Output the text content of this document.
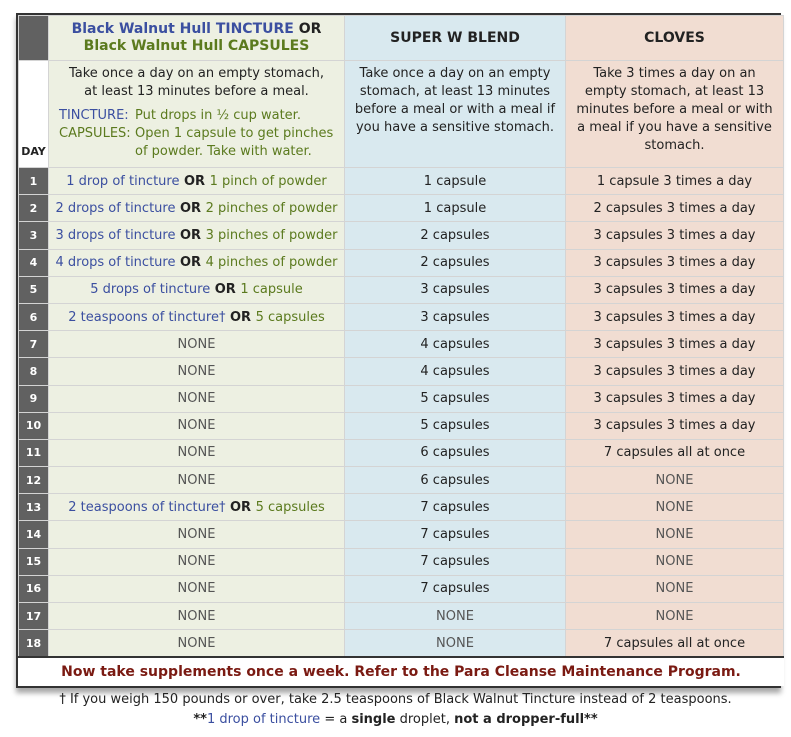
	Black Walnut Hull TINCTURE OR
Black Walnut Hull CAPSULES	SUPER W BLEND	CLOVES
DAY	Take once a day on an empty stomach, at least 13 minutes before a meal.
TINCTURE: Put drops in ½ cup water.
CAPSULES: Open 1 capsule to get pinches of powder. Take with water.	Take once a day on an empty stomach, at least 13 minutes before a meal or with a meal if you have a sensitive stomach.	Take 3 times a day on an empty stomach, at least 13 minutes before a meal or with a meal if you have a sensitive stomach.

1	1 drop of tincture OR 1 pinch of powder	1 capsule	1 capsule 3 times a day
2	2 drops of tincture OR 2 pinches of powder	1 capsule	2 capsules 3 times a day
3	3 drops of tincture OR 3 pinches of powder	2 capsules	3 capsules 3 times a day
4	4 drops of tincture OR 4 pinches of powder	2 capsules	3 capsules 3 times a day
5	5 drops of tincture OR 1 capsule	3 capsules	3 capsules 3 times a day
6	2 teaspoons of tincture† OR 5 capsules	3 capsules	3 capsules 3 times a day
7	NONE	4 capsules	3 capsules 3 times a day
8	NONE	4 capsules	3 capsules 3 times a day
9	NONE	5 capsules	3 capsules 3 times a day
10	NONE	5 capsules	3 capsules 3 times a day
11	NONE	6 capsules	7 capsules all at once
12	NONE	6 capsules	NONE
13	2 teaspoons of tincture† OR 5 capsules	7 capsules	NONE
14	NONE	7 capsules	NONE
15	NONE	7 capsules	NONE
16	NONE	7 capsules	NONE
17	NONE	NONE	NONE
18	NONE	NONE	7 capsules all at once
Now take supplements once a week. Refer to the Para Cleanse Maintenance Program.			
† If you weigh 150 pounds or over, take 2.5 teaspoons of Black Walnut Tincture instead of 2 teaspoons.
**1 drop of tincture = a single droplet, not a dropper-full**
